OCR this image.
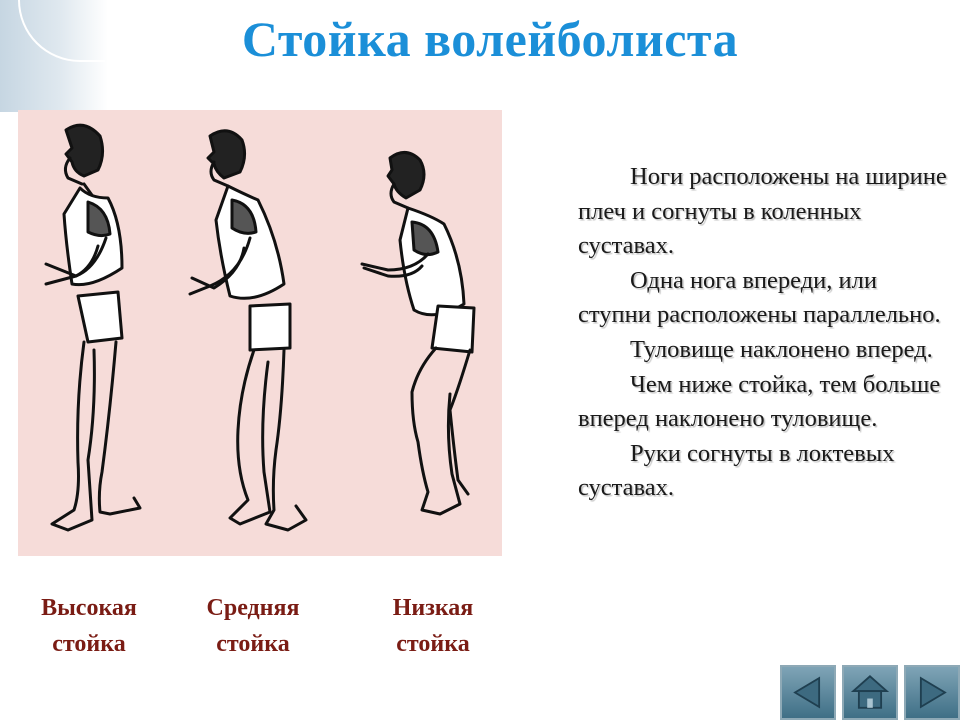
Стойка волейболиста
Высокая
стойка
Средняя
стойка
Низкая
стойка

Ноги расположены на ширине плеч и согнуты в коленных суставах.

Одна нога впереди, или ступни расположены параллельно.

Туловище наклонено вперед.

Чем ниже стойка, тем больше вперед наклонено туловище.

Руки согнуты в локтевых суставах.
